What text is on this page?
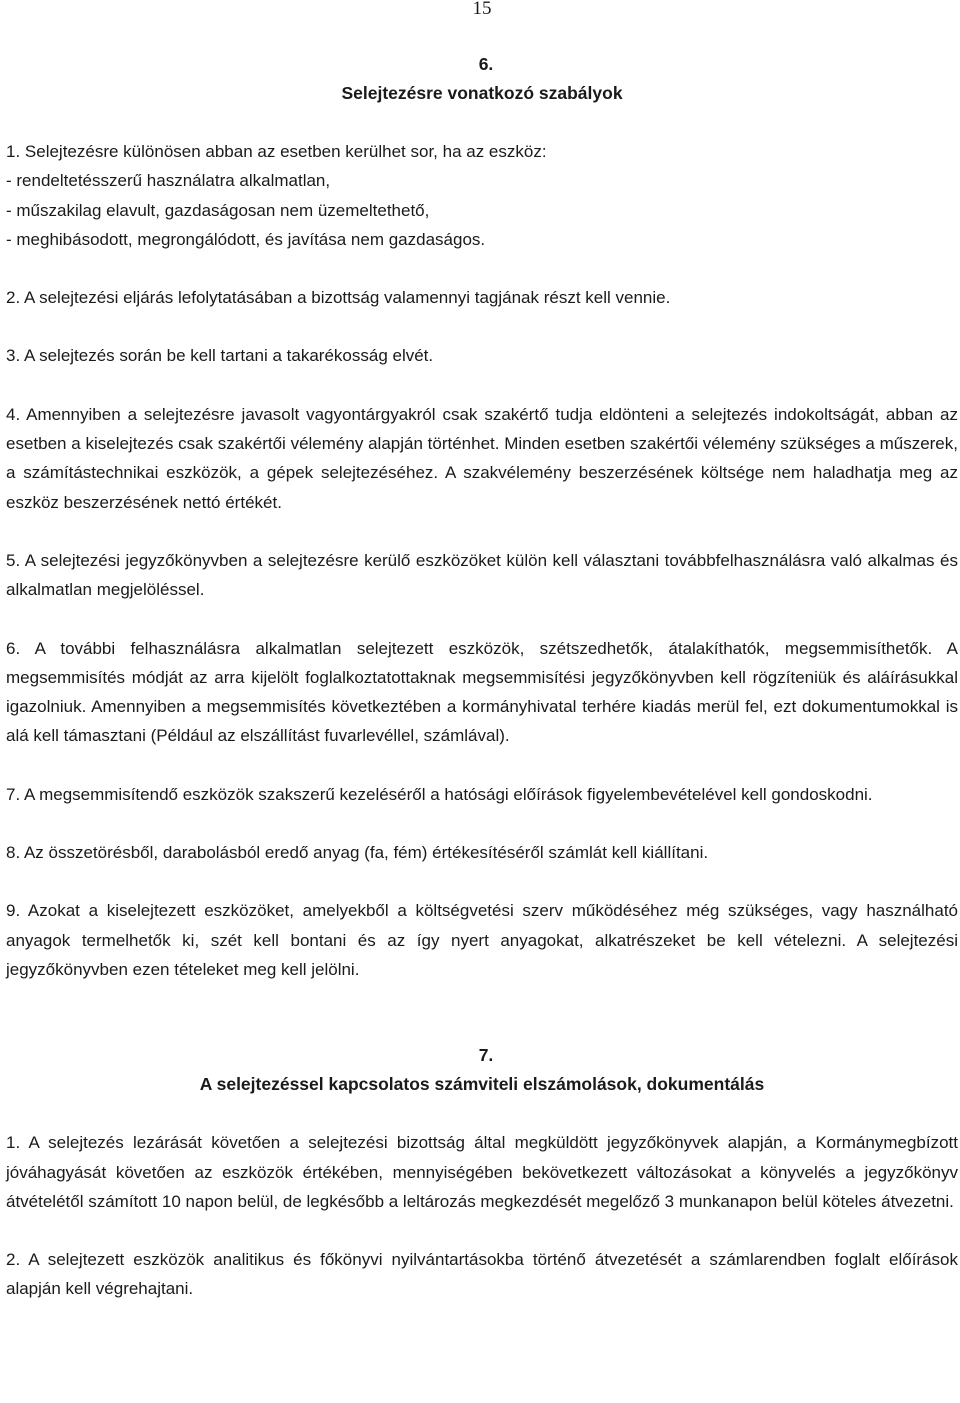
15
6.
Selejtezésre vonatkozó szabályok
1. Selejtezésre különösen abban az esetben kerülhet sor, ha az eszköz:
- rendeltetésszerű használatra alkalmatlan,
- műszakilag elavult, gazdaságosan nem üzemeltethető,
- meghibásodott, megrongálódott, és javítása nem gazdaságos.

2. A selejtezési eljárás lefolytatásában a bizottság valamennyi tagjának részt kell vennie.

3. A selejtezés során be kell tartani a takarékosság elvét.

4. Amennyiben a selejtezésre javasolt vagyontárgyakról csak szakértő tudja eldönteni a selejtezés indokoltságát, abban az esetben a kiselejtezés csak szakértői vélemény alapján történhet. Minden esetben szakértői vélemény szükséges a műszerek, a számítástechnikai eszközök, a gépek selejtezéséhez. A szakvélemény beszerzésének költsége nem haladhatja meg az eszköz beszerzésének nettó értékét.

5. A selejtezési jegyzőkönyvben a selejtezésre kerülő eszközöket külön kell választani továbbfelhasználásra való alkalmas és alkalmatlan megjelöléssel.

6. A további felhasználásra alkalmatlan selejtezett eszközök, szétszedhetők, átalakíthatók, megsemmisíthetők. A megsemmisítés módját az arra kijelölt foglalkoztatottaknak megsemmisítési jegyzőkönyvben kell rögzíteniük és aláírásukkal igazolniuk. Amennyiben a megsemmisítés következtében a kormányhivatal terhére kiadás merül fel, ezt dokumentumokkal is alá kell támasztani (Például az elszállítást fuvarlevéllel, számlával).

7. A megsemmisítendő eszközök szakszerű kezeléséről a hatósági előírások figyelembevételével kell gondoskodni.

8. Az összetörésből, darabolásból eredő anyag (fa, fém) értékesítéséről számlát kell kiállítani.

9. Azokat a kiselejtezett eszközöket, amelyekből a költségvetési szerv működéséhez még szükséges, vagy használható anyagok termelhetők ki, szét kell bontani és az így nyert anyagokat, alkatrészeket be kell vételezni. A selejtezési jegyzőkönyvben ezen tételeket meg kell jelölni.

7.
A selejtezéssel kapcsolatos számviteli elszámolások, dokumentálás

1. A selejtezés lezárását követően a selejtezési bizottság által megküldött jegyzőkönyvek alapján, a Kormánymegbízott jóváhagyását követően az eszközök értékében, mennyiségében bekövetkezett változásokat a könyvelés a jegyzőkönyv átvételétől számított 10 napon belül, de legkésőbb a leltározás megkezdését megelőző 3 munkanapon belül köteles átvezetni.

2. A selejtezett eszközök analitikus és főkönyvi nyilvántartásokba történő átvezetését a számlarendben foglalt előírások alapján kell végrehajtani.
